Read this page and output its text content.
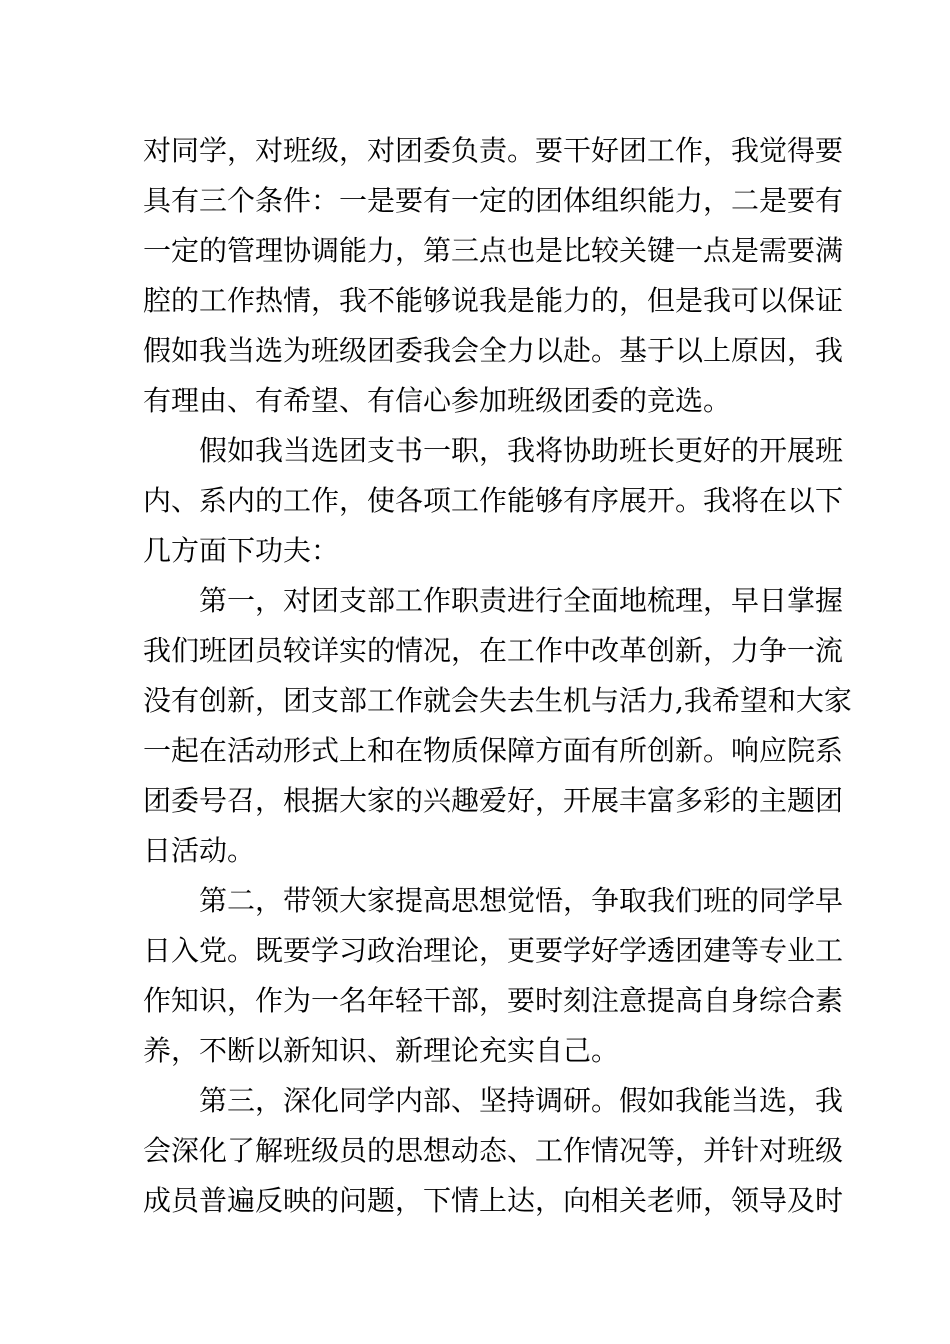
对同学，对班级，对团委负责。要干好团工作，我觉得要
具有三个条件：一是要有一定的团体组织能力，二是要有
一定的管理协调能力，第三点也是比较关键一点是需要满
腔的工作热情，我不能够说我是能力的，但是我可以保证
假如我当选为班级团委我会全力以赴。基于以上原因，我
有理由、有希望、有信心参加班级团委的竞选。
假如我当选团支书一职，我将协助班长更好的开展班
内、系内的工作，使各项工作能够有序展开。我将在以下
几方面下功夫：
第一，对团支部工作职责进行全面地梳理，早日掌握
我们班团员较详实的情况，在工作中改革创新，力争一流
没有创新，团支部工作就会失去生机与活力,我希望和大家
一起在活动形式上和在物质保障方面有所创新。响应院系
团委号召，根据大家的兴趣爱好，开展丰富多彩的主题团
日活动。
第二，带领大家提高思想觉悟，争取我们班的同学早
日入党。既要学习政治理论，更要学好学透团建等专业工
作知识，作为一名年轻干部，要时刻注意提高自身综合素
养，不断以新知识、新理论充实自己。
第三，深化同学内部、坚持调研。假如我能当选，我
会深化了解班级员的思想动态、工作情况等，并针对班级
成员普遍反映的问题，下情上达，向相关老师，领导及时
